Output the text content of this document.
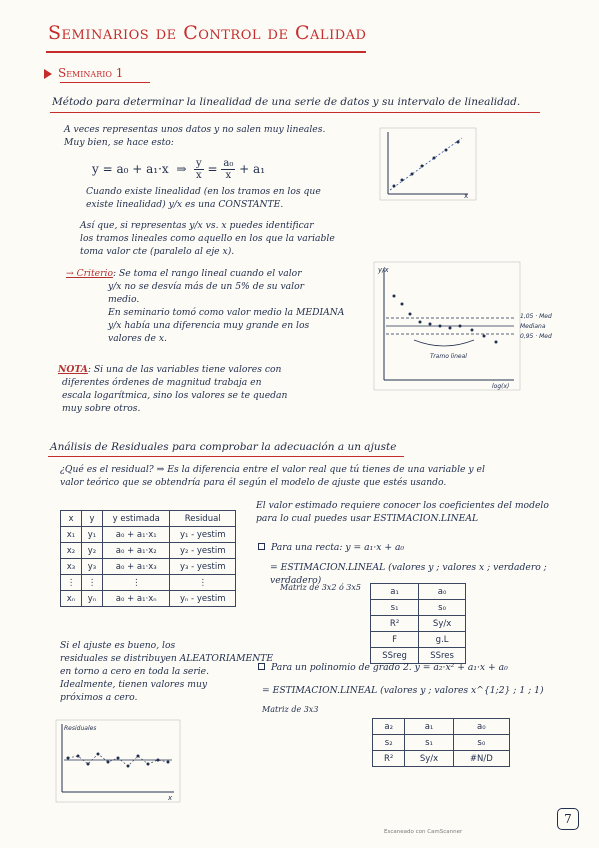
Seminarios de Control de Calidad
Seminario 1
Método para determinar la linealidad de una serie de datos y su intervalo de linealidad.
A veces representas unos datos y no salen muy lineales.
Muy bien, se hace esto:
y = a₀ + a₁·x ⇒ $\frac{y}{x} = \frac{\text{a₀}}{x} + a_1$
Cuando existe linealidad (en los tramos en los que
existe linealidad) y/x es una CONSTANTE.
Así que, si representas y/x vs. x puedes identificar
los tramos lineales como aquello en los que la variable
toma valor cte (paralelo al eje x).
→ Criterio: Se toma el rango lineal cuando el valor
y/x no se desvía más de un 5% de su valor
medio.
En seminario tomó como valor medio la MEDIANA
y/x había una diferencia muy grande en los
valores de x.
NOTA: Si una de las variables tiene valores con
diferentes órdenes de magnitud trabaja en
escala logarítmica, sino los valores se te quedan
muy sobre otros.
x
y/x
log(x)
Tramo lineal
1,05 · Med
Mediana
0,95 · Med
Análisis de Residuales para comprobar la adecuación a un ajuste
¿Qué es el residual? ⇒ Es la diferencia entre el valor real que tú tienes de una variable y el
valor teórico que se obtendría para él según el modelo de ajuste que estés usando.
x	y	y estimada	Residual
x₁	y₁	a₀ + a₁·x₁	y₁ - yestim
x₂	y₂	a₀ + a₁·x₂	y₂ - yestim
x₃	y₃	a₀ + a₁·x₃	y₃ - yestim
⋮	⋮	⋮	⋮
xₙ	yₙ	a₀ + a₁·xₙ	yₙ - yestim
El valor estimado requiere conocer los coeficientes del modelo
para lo cual puedes usar ESTIMACION.LINEAL
Para una recta: y = a₁·x + a₀
= ESTIMACION.LINEAL (valores y ; valores x ; verdadero ; verdadero)
Matriz de 3x2 ó 3x5	a₁	a₀
s₁	s₀
R²	Sy/x
F	g.L
SSreg	SSres
Si el ajuste es bueno, los
residuales se distribuyen ALEATORIAMENTE
en torno a cero en toda la serie.
Idealmente, tienen valores muy
próximos a cero.
Para un polinomio de grado 2. y = a₂·x² + a₁·x + a₀
= ESTIMACION.LINEAL (valores y ; valores x^{1;2} ; 1 ; 1)
Matriz de 3x3
a₂	a₁	a₀
s₂	s₁	s₀
R²	Sy/x	#N/D
Residuales
x
7
Escaneado con CamScanner
